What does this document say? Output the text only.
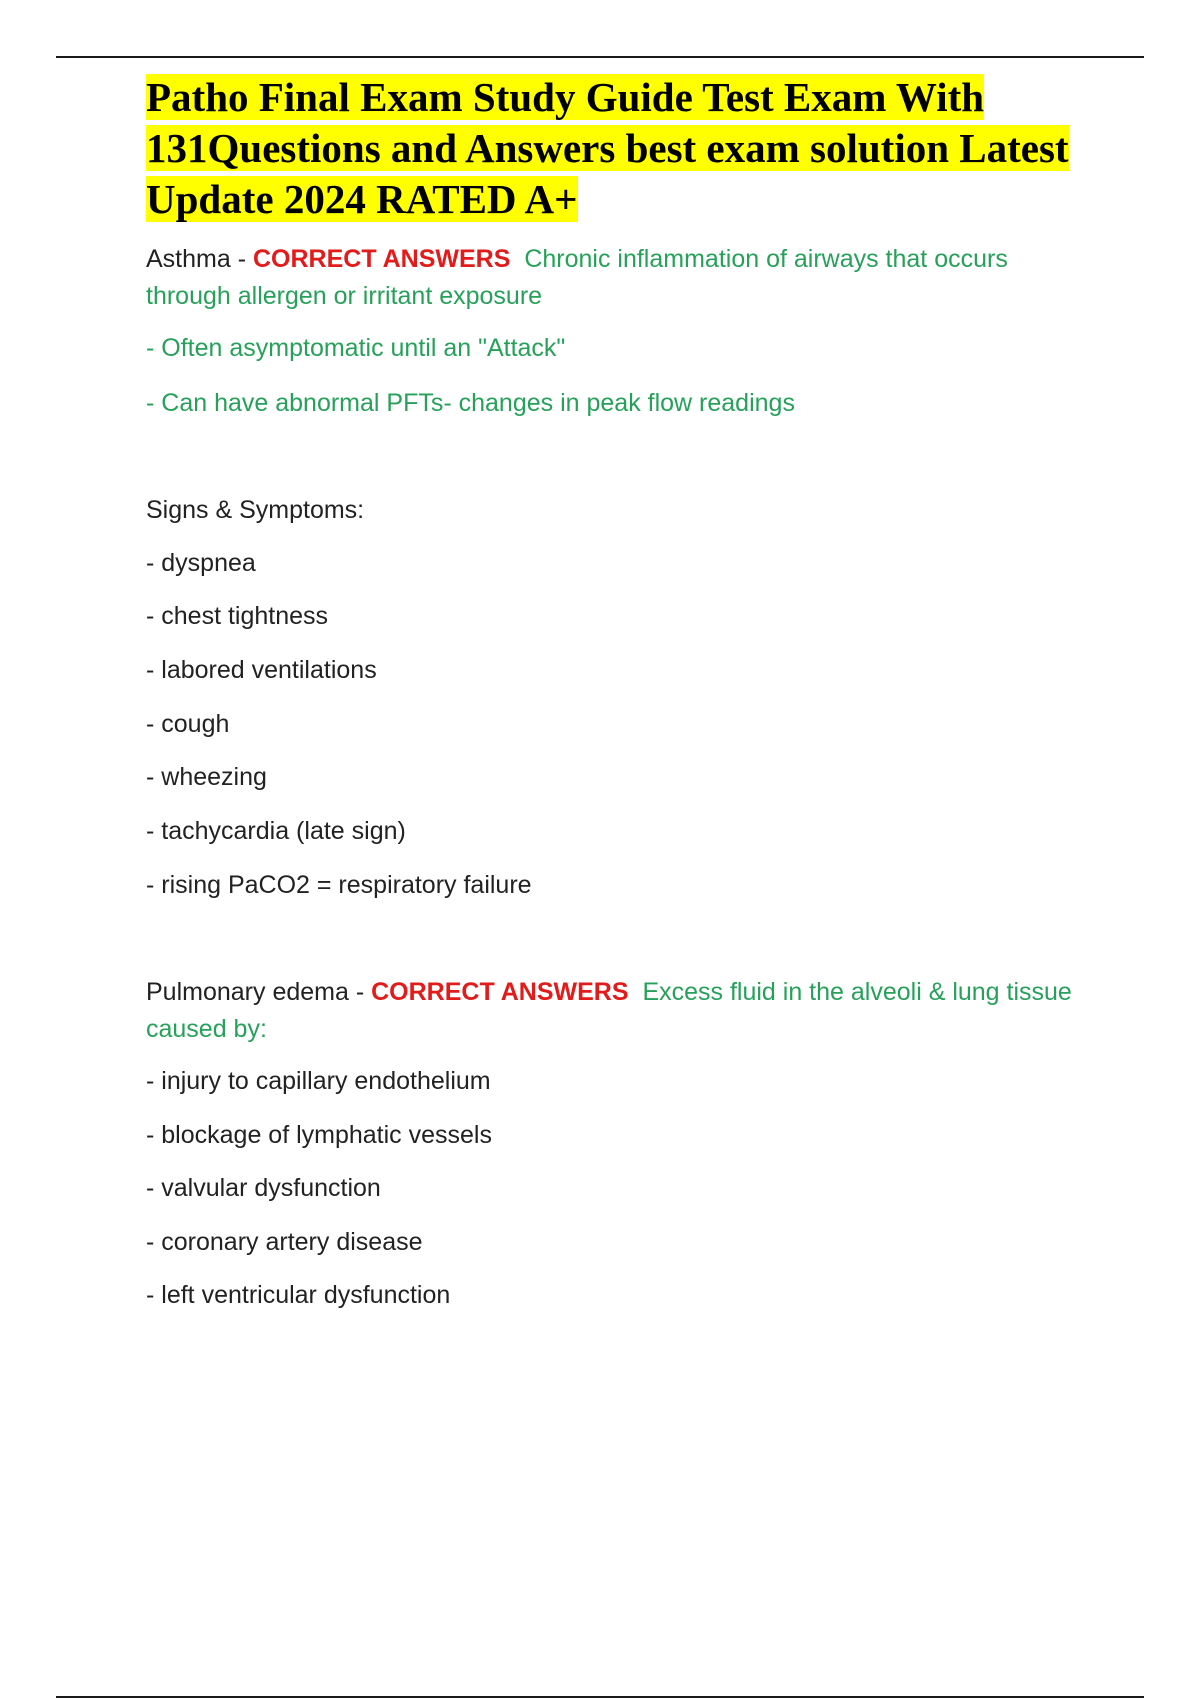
Patho Final Exam Study Guide Test Exam With 131Questions and Answers best exam solution Latest Update 2024 RATED A+

Asthma - CORRECT ANSWERS Chronic inflammation of airways that occurs through allergen or irritant exposure

- Often asymptomatic until an "Attack"

- Can have abnormal PFTs- changes in peak flow readings

Signs & Symptoms:

- dyspnea

- chest tightness

- labored ventilations

- cough

- wheezing

- tachycardia (late sign)

- rising PaCO2 = respiratory failure

Pulmonary edema - CORRECT ANSWERS Excess fluid in the alveoli & lung tissue caused by:

- injury to capillary endothelium

- blockage of lymphatic vessels

- valvular dysfunction

- coronary artery disease

- left ventricular dysfunction
